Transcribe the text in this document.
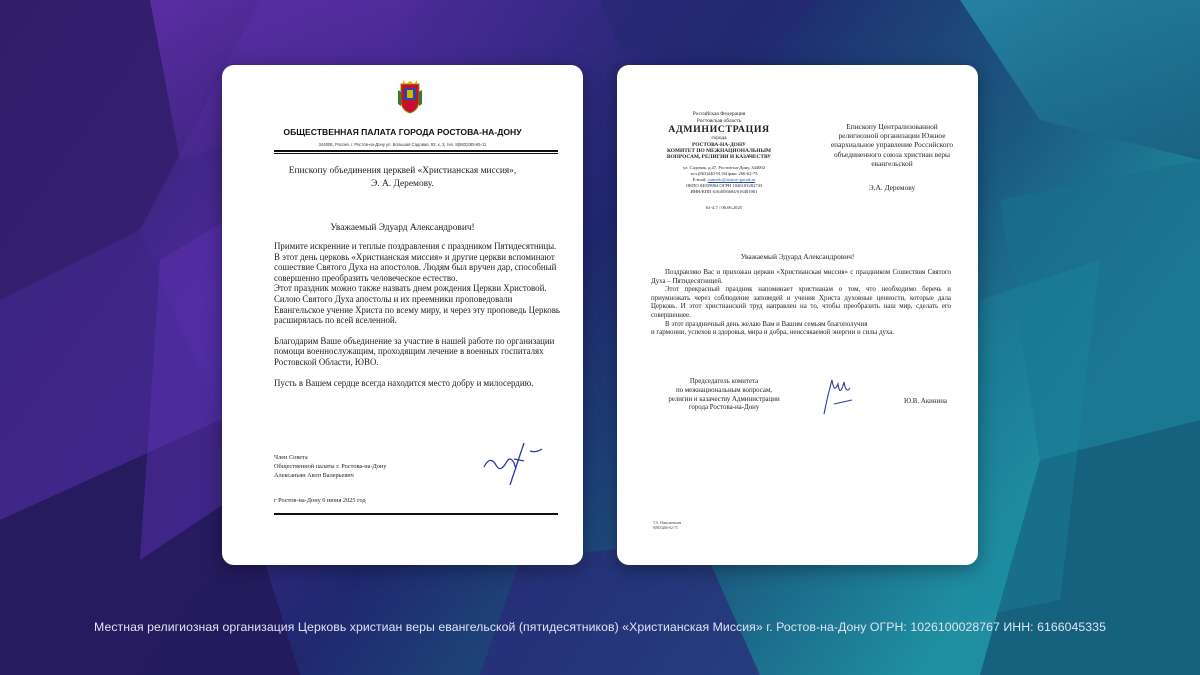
ОБЩЕСТВЕННАЯ ПАЛАТА ГОРОДА РОСТОВА-НА-ДОНУ
344006, Россия, г. Ростов-на-Дону ул. Большая Садовая, 93, к. 3, тел. 8(863)285-65-11
Епископу объединения церквей «Христианская миссия»,
Э. А. Деремову.
Уважаемый Эдуард Александрович!

Примите искренние и теплые поздравления с праздником Пятидесятницы.

В этот день церковь «Христианская миссия» и другие церкви вспоминают сошествие Святого Духа на апостолов. Людям был вручен дар, способный совершенно преобразить человеческое естество.

Этот праздник можно также назвать днем рождения Церкви Христовой. Силою Святого Духа апостолы и их преемники проповедовали Евангельское учение Христа по всему миру, и через эту проповедь Церковь расширялась по всей вселенной.

Благодарим Ваше объединение за участие в нашей работе по организации помощи военнослужащим, проходящим лечение в военных госпиталях Ростовской Области, ЮВО.

Пусть в Вашем сердце всегда находится место добру и милосердию.

Член Совета
Общественной палаты г. Ростова-на-Дону
Алексаньян Акоп Валерьевич
г Ростов-на-Дону 6 июня 2025 год
Российская Федерация
Ростовская область
АДМИНИСТРАЦИЯ
города
РОСТОВА-НА-ДОНУ
КОМИТЕТ ПО МЕЖНАЦИОНАЛЬНЫМ
ВОПРОСАМ, РЕЛИГИИ И КАЗАЧЕСТВУ
ул. Садовая, д.47, Ростов-на-Дону, 344002
тел.(863)240-91-84 факс 266-62-73
E-mail: comrelc@rostov-gorod.ru
ОКПО 04039984 ОГРН 1026103282743
ИНН/КПП 6164056684/616401001
61-4.7 / 06.06.2025
Епископу Централизованной
религиозной организации Южное
епархиальное управление Российского
объединенного союза христиан веры
евангельской
Э.А. Деремову
Уважаемый Эдуард Александрович!

Поздравляю Вас и прихожан церкви «Христианская миссия» с праздником Сошествия Святого Духа – Пятидесятницей.

Этот прекрасный праздник напоминает христианам о том, что необходимо беречь и приумножать через соблюдение заповедей и учения Христа духовные ценности, которые дала Церковь. И этот христианский труд направлен на то, чтобы преобразить наш мир, сделать его совершеннее.

В этот праздничный день желаю Вам и Вашим семьям благополучия

и гармонии, успехов и здоровья, мира и добра, неиссякаемой энергии и силы духа.

Председатель комитета
по межнациональным вопросам,
религии и казачеству Администрации
города Ростова-на-Дону
Ю.В. Акинина
Т.А. Николаевская
8(863)266-62-73
Местная религиозная организация Церковь христиан веры евангельской (пятидесятников) «Христианская Миссия» г. Ростов-на-Дону ОГРН: 1026100028767 ИНН: 6166045335
